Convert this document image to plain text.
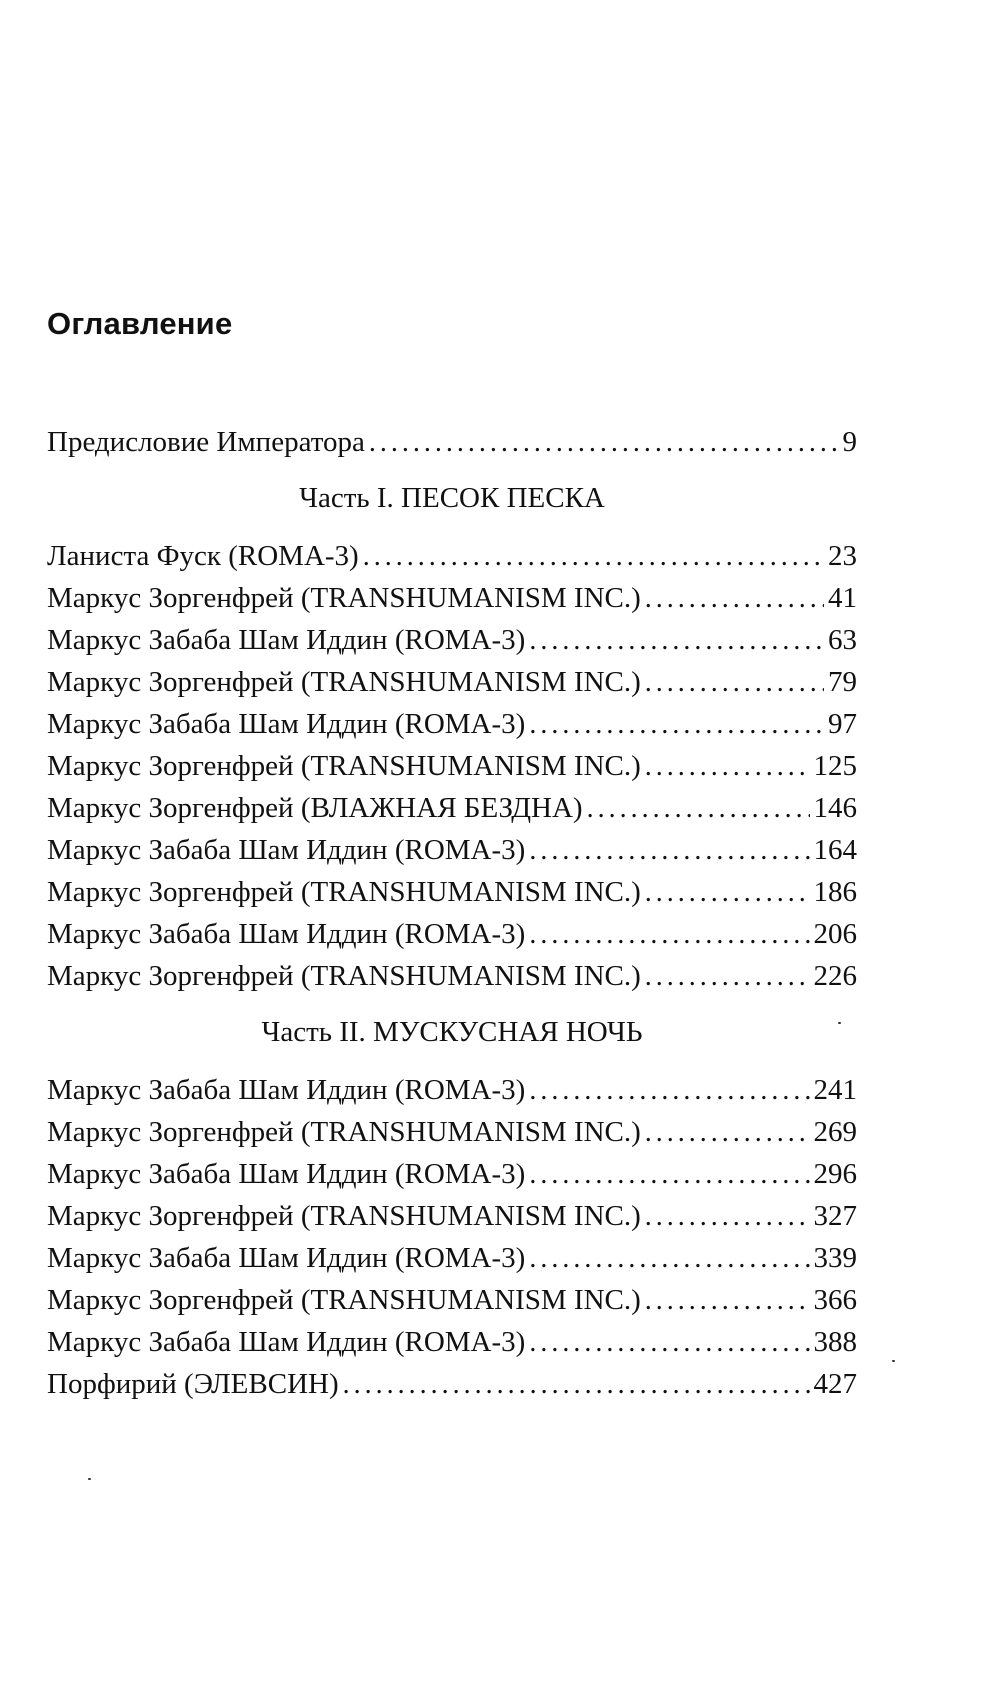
Оглавление
Предисловие Императора .....	9
Часть I. ПЕСОК ПЕСКА
Ланиста Фуск (ROMA-3) .....	23
Маркус Зоргенфрей (TRANSHUMANISM INC.) .....	41
Маркус Забаба Шам Иддин (ROMA-3) .....	63
Маркус Зоргенфрей (TRANSHUMANISM INC.) .....	79
Маркус Забаба Шам Иддин (ROMA-3) .....	97
Маркус Зоргенфрей (TRANSHUMANISM INC.) .....	125
Маркус Зоргенфрей (ВЛАЖНАЯ БЕЗДНА) .....	146
Маркус Забаба Шам Иддин (ROMA-3) .....	164
Маркус Зоргенфрей (TRANSHUMANISM INC.) .....	186
Маркус Забаба Шам Иддин (ROMA-3) .....	206
Маркус Зоргенфрей (TRANSHUMANISM INC.) .....	226
Часть II. МУСКУСНАЯ НОЧЬ
Маркус Забаба Шам Иддин (ROMA-3) .....	241
Маркус Зоргенфрей (TRANSHUMANISM INC.) .....	269
Маркус Забаба Шам Иддин (ROMA-3) .....	296
Маркус Зоргенфрей (TRANSHUMANISM INC.) .....	327
Маркус Забаба Шам Иддин (ROMA-3) .....	339
Маркус Зоргенфрей (TRANSHUMANISM INC.) .....	366
Маркус Забаба Шам Иддин (ROMA-3) .....	388
Порфирий (ЭЛЕВСИН) .....	427
